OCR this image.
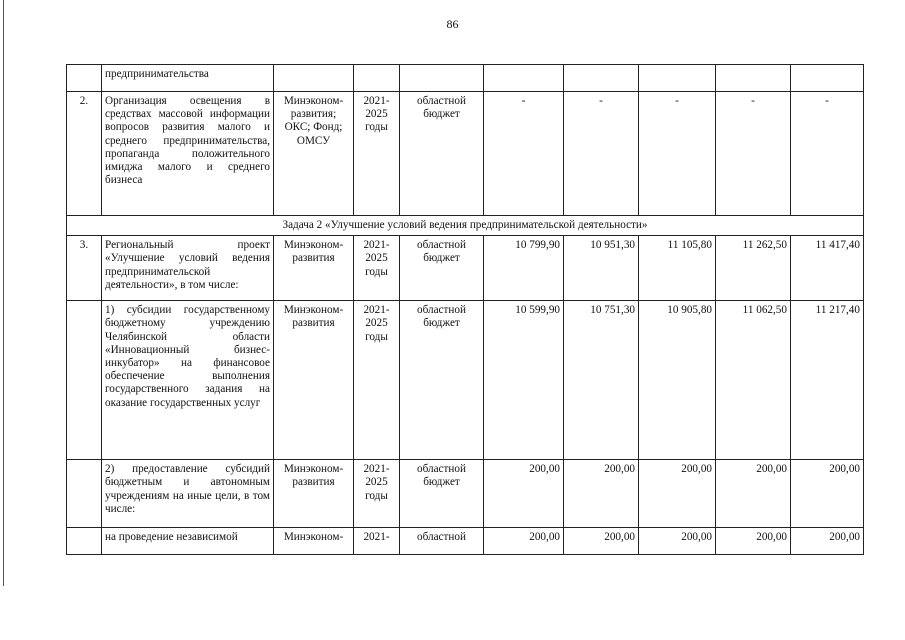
86
	предпринимательства								
2.	Организация освещения в средствах массовой информации вопросов развития малого и среднего предпринимательства, пропаганда положительного имиджа малого и среднего бизнеса	Минэконом-развития; ОКС; Фонд; ОМСУ	2021-2025 годы	областной бюджет	-	-	-	-	-
Задача 2 «Улучшение условий ведения предпринимательской деятельности»									
3.	Региональный проект «Улучшение условий ведения предпринимательской деятельности», в том числе:	Минэконом-развития	2021-2025 годы	областной бюджет	10 799,90	10 951,30	11 105,80	11 262,50	11 417,40
	1) субсидии государственному бюджетному учреждению Челябинской области «Инновационный бизнес-инкубатор» на финансовое обеспечение выполнения государственного задания на оказание государственных услуг	Минэконом-развития	2021-2025 годы	областной бюджет	10 599,90	10 751,30	10 905,80	11 062,50	11 217,40
	2) предоставление субсидий бюджетным и автономным учреждениям на иные цели, в том числе:	Минэконом-развития	2021-2025 годы	областной бюджет	200,00	200,00	200,00	200,00	200,00
	на проведение независимой	Минэконом-	2021-	областной	200,00	200,00	200,00	200,00	200,00
